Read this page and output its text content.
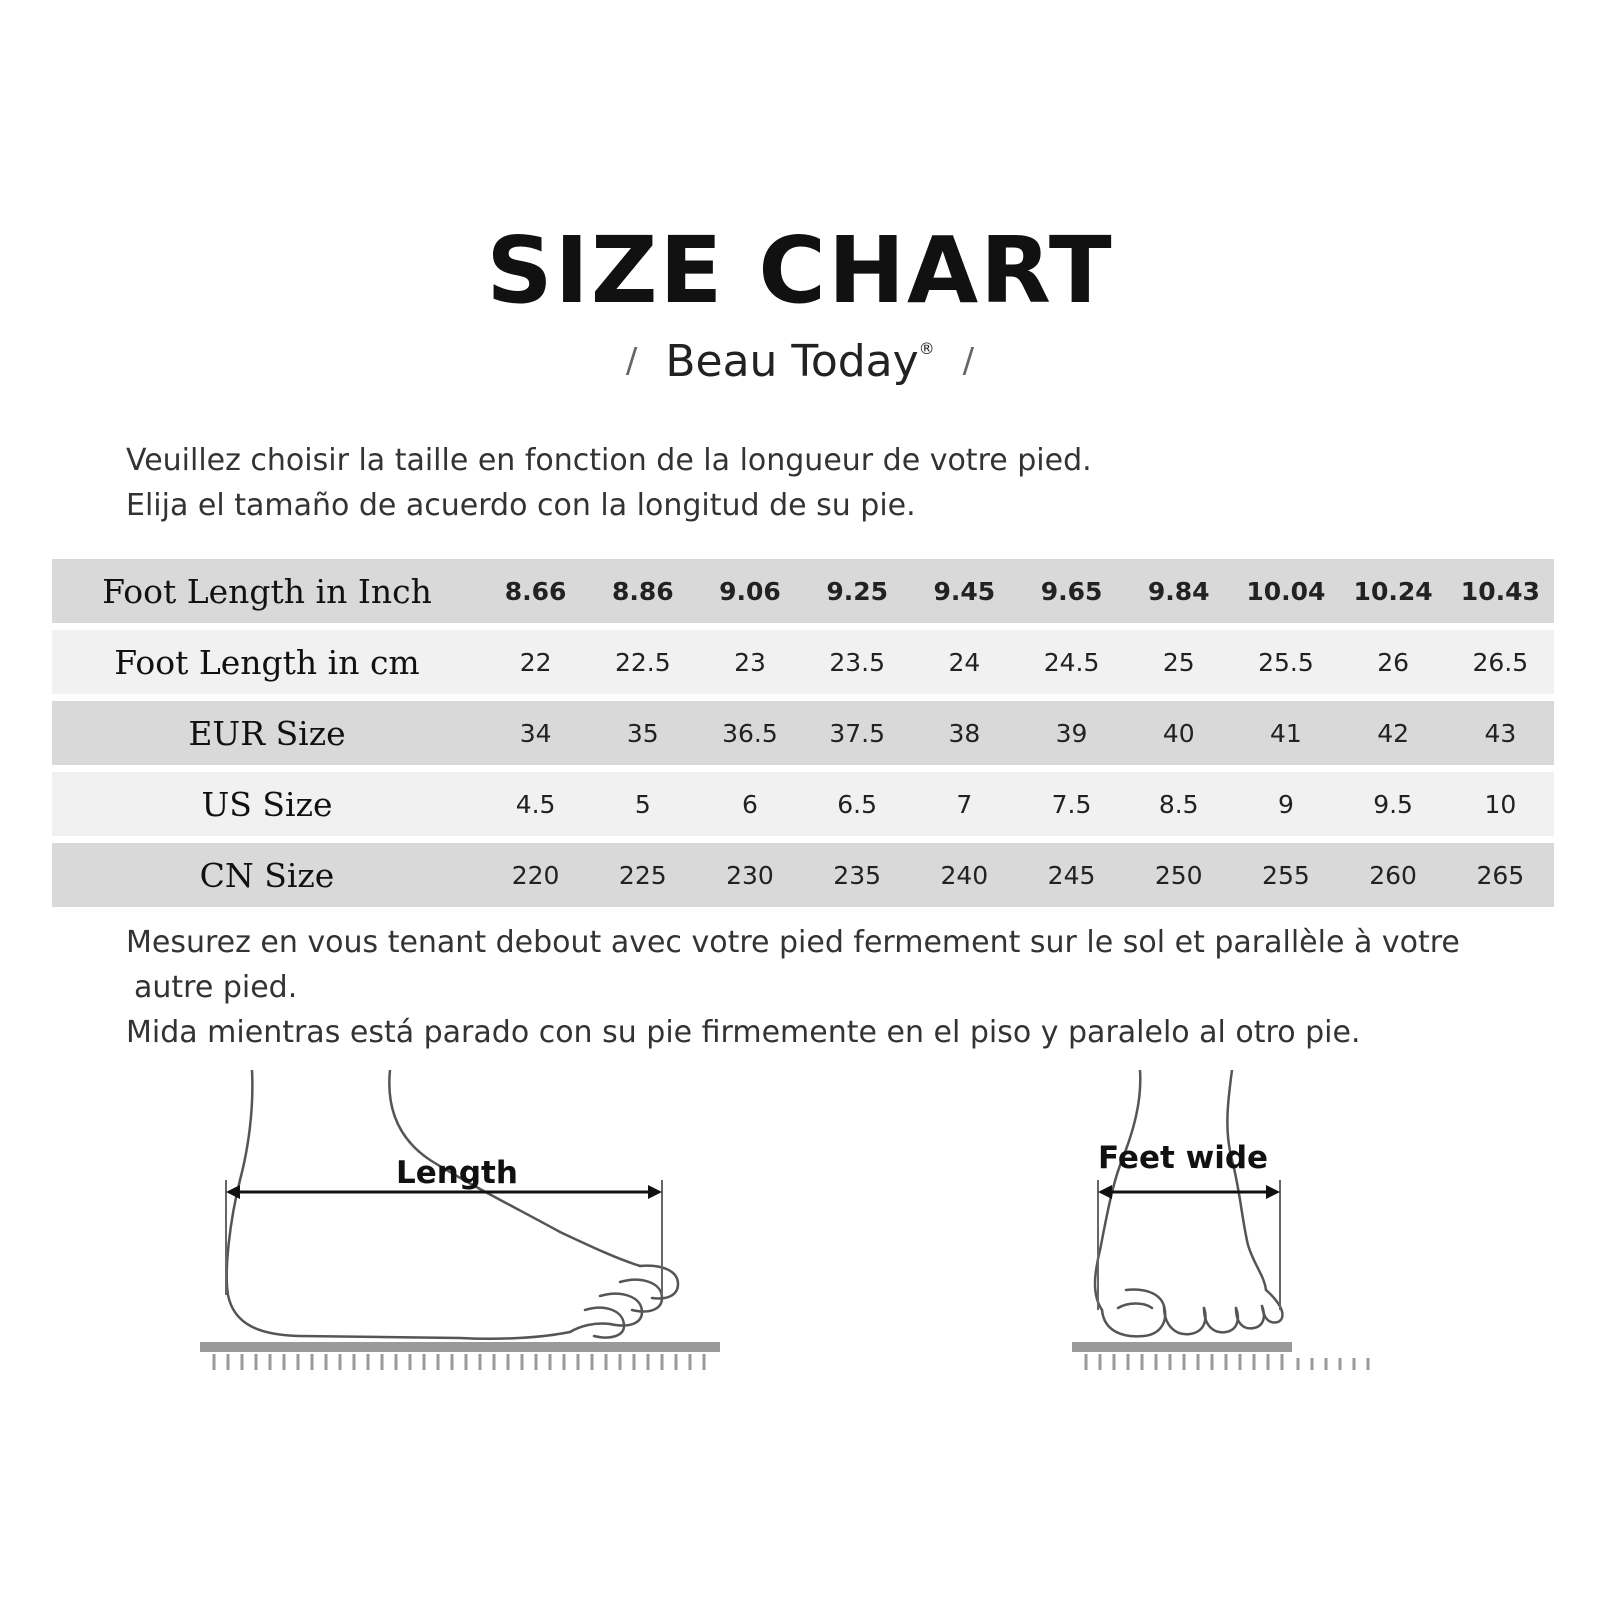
SIZE CHART
/ Beau Today® /
Veuillez choisir la taille en fonction de la longueur de votre pied.
Elija el tamaño de acuerdo con la longitud de su pie.
Foot Length in Inch	8.66	8.86	9.06	9.25	9.45	9.65	9.84	10.04	10.24	10.43
Foot Length in cm	22	22.5	23	23.5	24	24.5	25	25.5	26	26.5
EUR Size	34	35	36.5	37.5	38	39	40	41	42	43
US Size	4.5	5	6	6.5	7	7.5	8.5	9	9.5	10
CN Size	220	225	230	235	240	245	250	255	260	265
Mesurez en vous tenant debout avec votre pied fermement sur le sol et parallèle à votre
autre pied.
Mida mientras está parado con su pie firmemente en el piso y paralelo al otro pie.
Length	Feet wide
